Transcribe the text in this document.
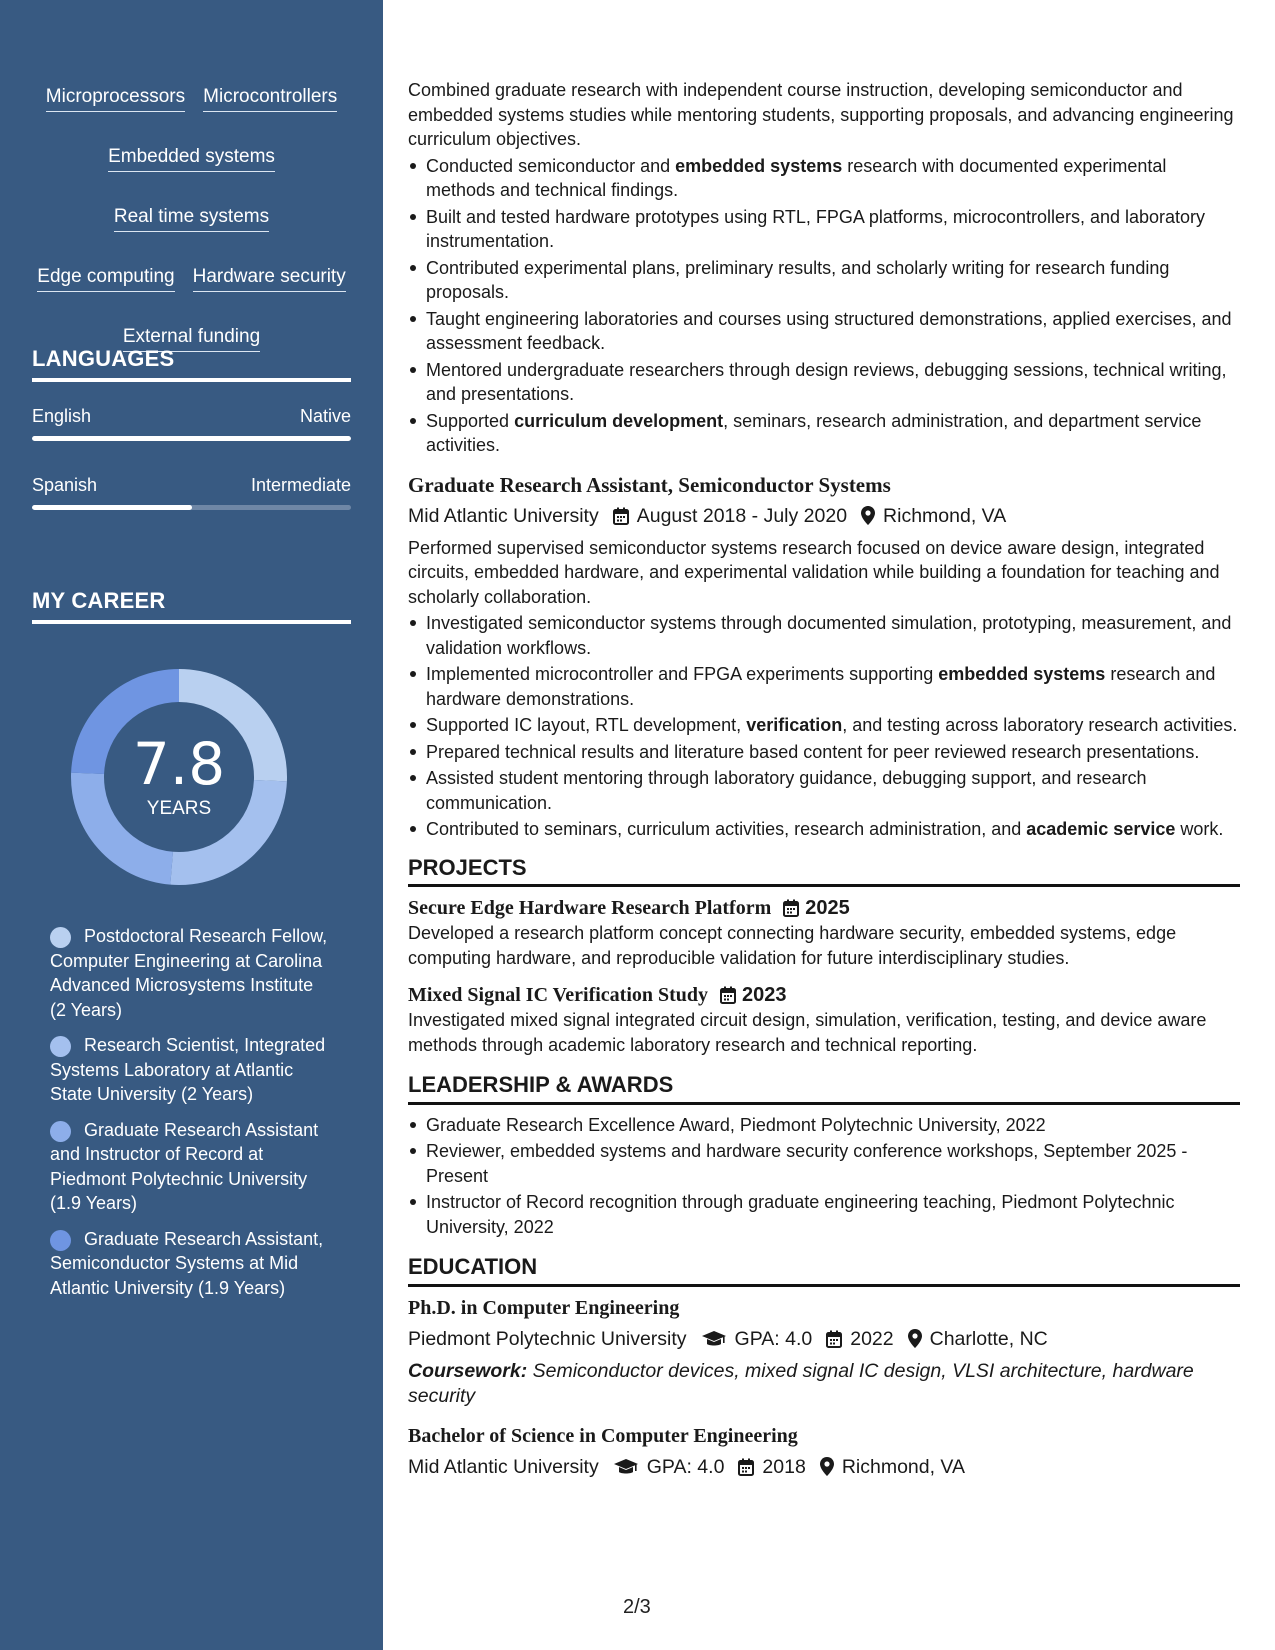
Microprocessors Microcontrollers
Embedded systems
Real time systems
Edge computing Hardware security
External funding
LANGUAGES
English	Native
Spanish	Intermediate
MY CAREER
7.8
YEARS
Postdoctoral Research Fellow, Computer Engineering at Carolina Advanced Microsystems Institute (2 Years)
Research Scientist, Integrated Systems Laboratory at Atlantic State University (2 Years)
Graduate Research Assistant and Instructor of Record at Piedmont Polytechnic University (1.9 Years)
Graduate Research Assistant, Semiconductor Systems at Mid Atlantic University (1.9 Years)

Combined graduate research with independent course instruction, developing semiconductor and embedded systems studies while mentoring students, supporting proposals, and advancing engineering curriculum objectives.

Conducted semiconductor and embedded systems research with documented experimental methods and technical findings.
Built and tested hardware prototypes using RTL, FPGA platforms, microcontrollers, and laboratory instrumentation.
Contributed experimental plans, preliminary results, and scholarly writing for research funding proposals.
Taught engineering laboratories and courses using structured demonstrations, applied exercises, and assessment feedback.
Mentored undergraduate researchers through design reviews, debugging sessions, technical writing, and presentations.
Supported curriculum development, seminars, research administration, and department service activities.
Graduate Research Assistant, Semiconductor Systems
Mid Atlantic University August 2018 - July 2020 Richmond, VA

Performed supervised semiconductor systems research focused on device aware design, integrated circuits, embedded hardware, and experimental validation while building a foundation for teaching and scholarly collaboration.

Investigated semiconductor systems through documented simulation, prototyping, measurement, and validation workflows.
Implemented microcontroller and FPGA experiments supporting embedded systems research and hardware demonstrations.
Supported IC layout, RTL development, verification, and testing across laboratory research activities.
Prepared technical results and literature based content for peer reviewed research presentations.
Assisted student mentoring through laboratory guidance, debugging support, and research communication.
Contributed to seminars, curriculum activities, research administration, and academic service work.
PROJECTS
Secure Edge Hardware Research Platform 2025

Developed a research platform concept connecting hardware security, embedded systems, edge computing hardware, and reproducible validation for future interdisciplinary studies.

Mixed Signal IC Verification Study 2023

Investigated mixed signal integrated circuit design, simulation, verification, testing, and device aware methods through academic laboratory research and technical reporting.

LEADERSHIP & AWARDS
Graduate Research Excellence Award, Piedmont Polytechnic University, 2022
Reviewer, embedded systems and hardware security conference workshops, September 2025 - Present
Instructor of Record recognition through graduate engineering teaching, Piedmont Polytechnic University, 2022
EDUCATION
Ph.D. in Computer Engineering
Piedmont Polytechnic University GPA: 4.0 2022 Charlotte, NC

Coursework: Semiconductor devices, mixed signal IC design, VLSI architecture, hardware security

Bachelor of Science in Computer Engineering
Mid Atlantic University GPA: 4.0 2018 Richmond, VA
2/3
